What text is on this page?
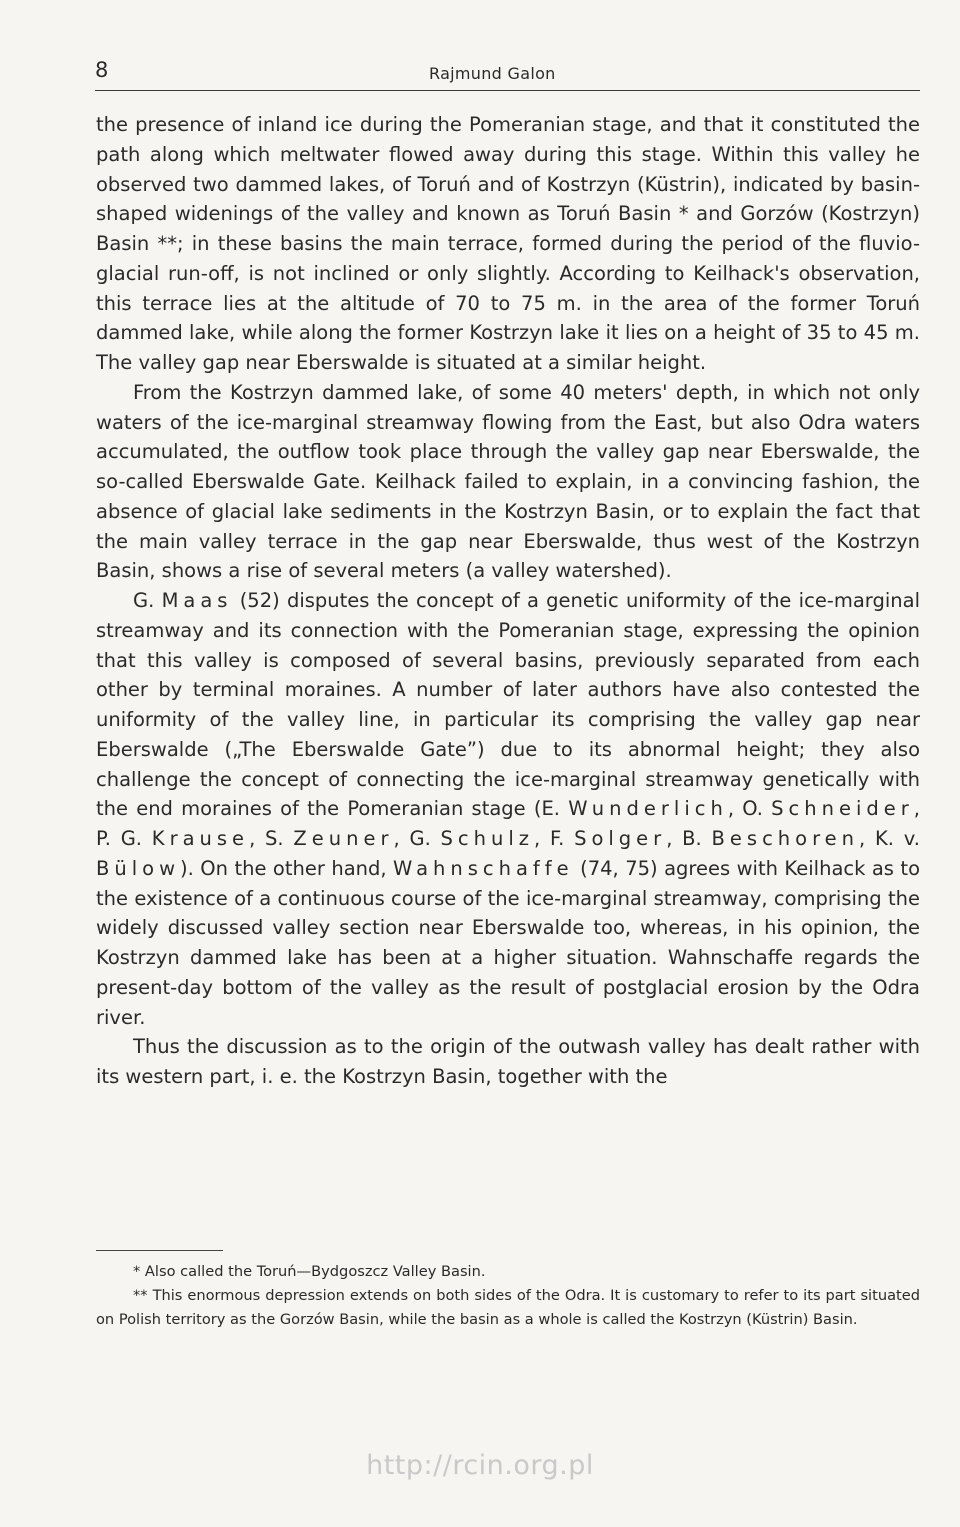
8	Rajmund Galon

the presence of inland ice during the Pomeranian stage, and that it constituted the path along which meltwater flowed away during this stage. Within this valley he observed two dammed lakes, of Toruń and of Kostrzyn (Küstrin), indicated by basin-shaped widenings of the valley and known as Toruń Basin * and Gorzów (Kostrzyn) Basin **; in these basins the main terrace, formed during the period of the fluvio-glacial run-off, is not inclined or only slightly. According to Keilhack's observation, this terrace lies at the altitude of 70 to 75 m. in the area of the former Toruń dammed lake, while along the former Kostrzyn lake it lies on a height of 35 to 45 m. The valley gap near Eberswalde is situated at a similar height.

From the Kostrzyn dammed lake, of some 40 meters' depth, in which not only waters of the ice-marginal streamway flowing from the East, but also Odra waters accumulated, the outflow took place through the valley gap near Eberswalde, the so-called Eberswalde Gate. Keilhack failed to explain, in a convincing fashion, the absence of glacial lake sediments in the Kostrzyn Basin, or to explain the fact that the main valley terrace in the gap near Eberswalde, thus west of the Kostrzyn Basin, shows a rise of several meters (a valley watershed).

G. Maas (52) disputes the concept of a genetic uniformity of the ice-marginal streamway and its connection with the Pomeranian stage, expressing the opinion that this valley is composed of several basins, previously separated from each other by terminal moraines. A number of later authors have also contested the uniformity of the valley line, in particular its comprising the valley gap near Eberswalde („The Eberswalde Gate”) due to its abnormal height; they also challenge the concept of connecting the ice-marginal streamway genetically with the end moraines of the Pomeranian stage (E. Wunderlich, O. Schneider, P. G. Krause, S. Zeuner, G. Schulz, F. Solger, B. Beschoren, K. v. Bülow). On the other hand, Wahnschaffe (74, 75) agrees with Keilhack as to the existence of a continuous course of the ice-marginal streamway, comprising the widely discussed valley section near Eberswalde too, whereas, in his opinion, the Kostrzyn dammed lake has been at a higher situation. Wahnschaffe regards the present-day bottom of the valley as the result of postglacial erosion by the Odra river.

Thus the discussion as to the origin of the outwash valley has dealt rather with its western part, i. e. the Kostrzyn Basin, together with the

* Also called the Toruń—Bydgoszcz Valley Basin.

** This enormous depression extends on both sides of the Odra. It is customary to refer to its part situated on Polish territory as the Gorzów Basin, while the basin as a whole is called the Kostrzyn (Küstrin) Basin.

http://rcin.org.pl
